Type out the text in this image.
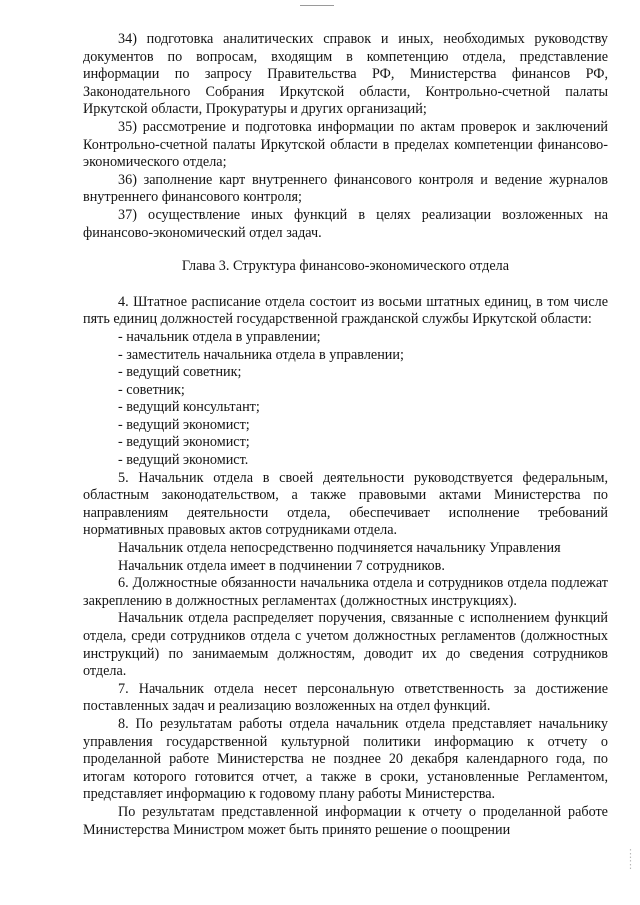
34) подготовка аналитических справок и иных, необходимых руководству документов по вопросам, входящим в компетенцию отдела, представление информации по запросу Правительства РФ, Министерства финансов РФ, Законодательного Собрания Иркутской области, Контрольно-счетной палаты Иркутской области, Прокуратуры и других организаций;

35) рассмотрение и подготовка информации по актам проверок и заключений Контрольно-счетной палаты Иркутской области в пределах компетенции финансово-экономического отдела;

36) заполнение карт внутреннего финансового контроля и ведение журналов внутреннего финансового контроля;

37) осуществление иных функций в целях реализации возложенных на финансово-экономический отдел задач.

Глава 3. Структура финансово-экономического отдела

4. Штатное расписание отдела состоит из восьми штатных единиц, в том числе пять единиц должностей государственной гражданской службы Иркутской области:

- начальник отдела в управлении;
- заместитель начальника отдела в управлении;
- ведущий советник;
- советник;
- ведущий консультант;
- ведущий экономист;
- ведущий экономист;
- ведущий экономист.

5. Начальник отдела в своей деятельности руководствуется федеральным, областным законодательством, а также правовыми актами Министерства по направлениям деятельности отдела, обеспечивает исполнение требований нормативных правовых актов сотрудниками отдела.

Начальник отдела непосредственно подчиняется начальнику Управления

Начальник отдела имеет в подчинении 7 сотрудников.

6. Должностные обязанности начальника отдела и сотрудников отдела подлежат закреплению в должностных регламентах (должностных инструкциях).

Начальник отдела распределяет поручения, связанные с исполнением функций отдела, среди сотрудников отдела с учетом должностных регламентов (должностных инструкций) по занимаемым должностям, доводит их до сведения сотрудников отдела.

7. Начальник отдела несет персональную ответственность за достижение поставленных задач и реализацию возложенных на отдел функций.

8. По результатам работы отдела начальник отдела представляет начальнику управления государственной культурной политики информацию к отчету о проделанной работе Министерства не позднее 20 декабря календарного года, по итогам которого готовится отчет, а также в сроки, установленные Регламентом, представляет информацию к годовому плану работы Министерства.

По результатам представленной информации к отчету о проделанной работе Министерства Министром может быть принято решение о поощрении

⋮
⋮
